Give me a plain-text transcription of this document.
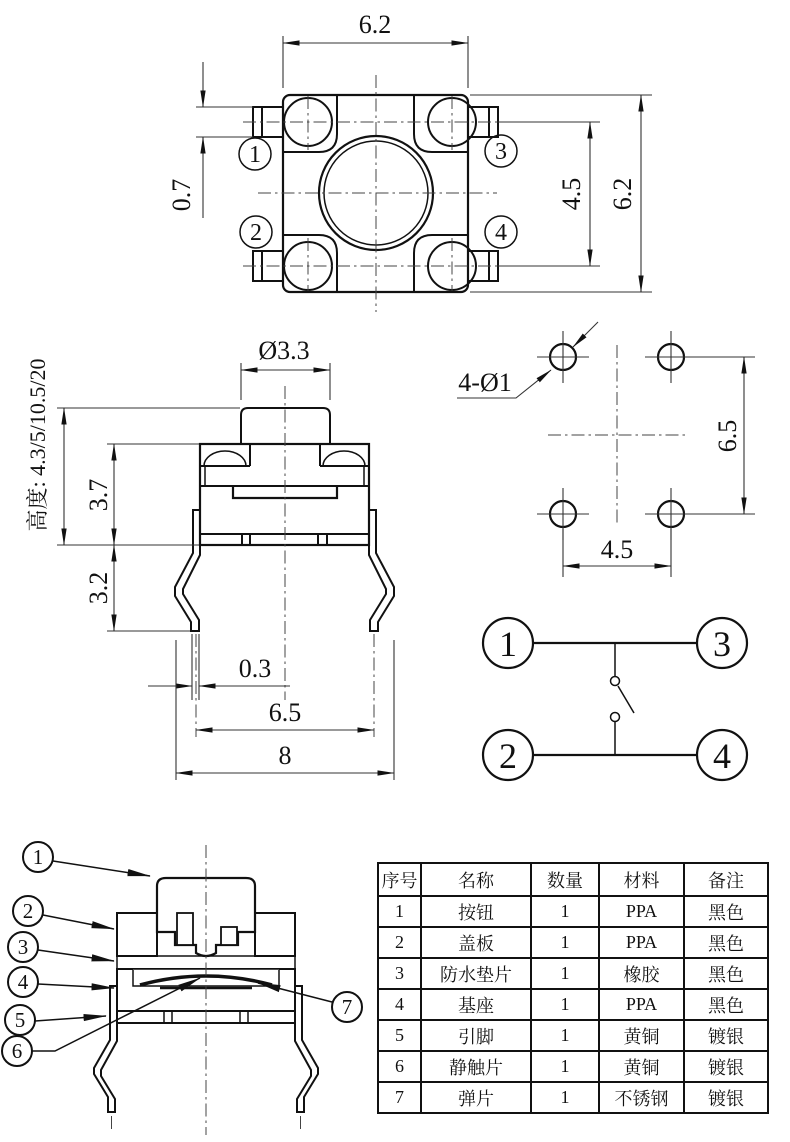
1
2
3
4
6.2
0.7	4.5 6.2
Ø3.3
高度: 4.3/5/10.5/20 3.7
3.2
0.3
6.5
8
4-Ø1
6.5
4.5
1	3
2	4
1
2
3
4
5
6
7
序号	名称	数量	材料	备注
1	按钮	1	PPA	黑色
2	盖板	1	PPA	黑色
3	防水垫片	1	橡胶	黑色
4	基座	1	PPA	黑色
5	引脚	1	黄铜	镀银
6	静触片	1	黄铜	镀银
7	弹片	1	不锈钢	镀银
